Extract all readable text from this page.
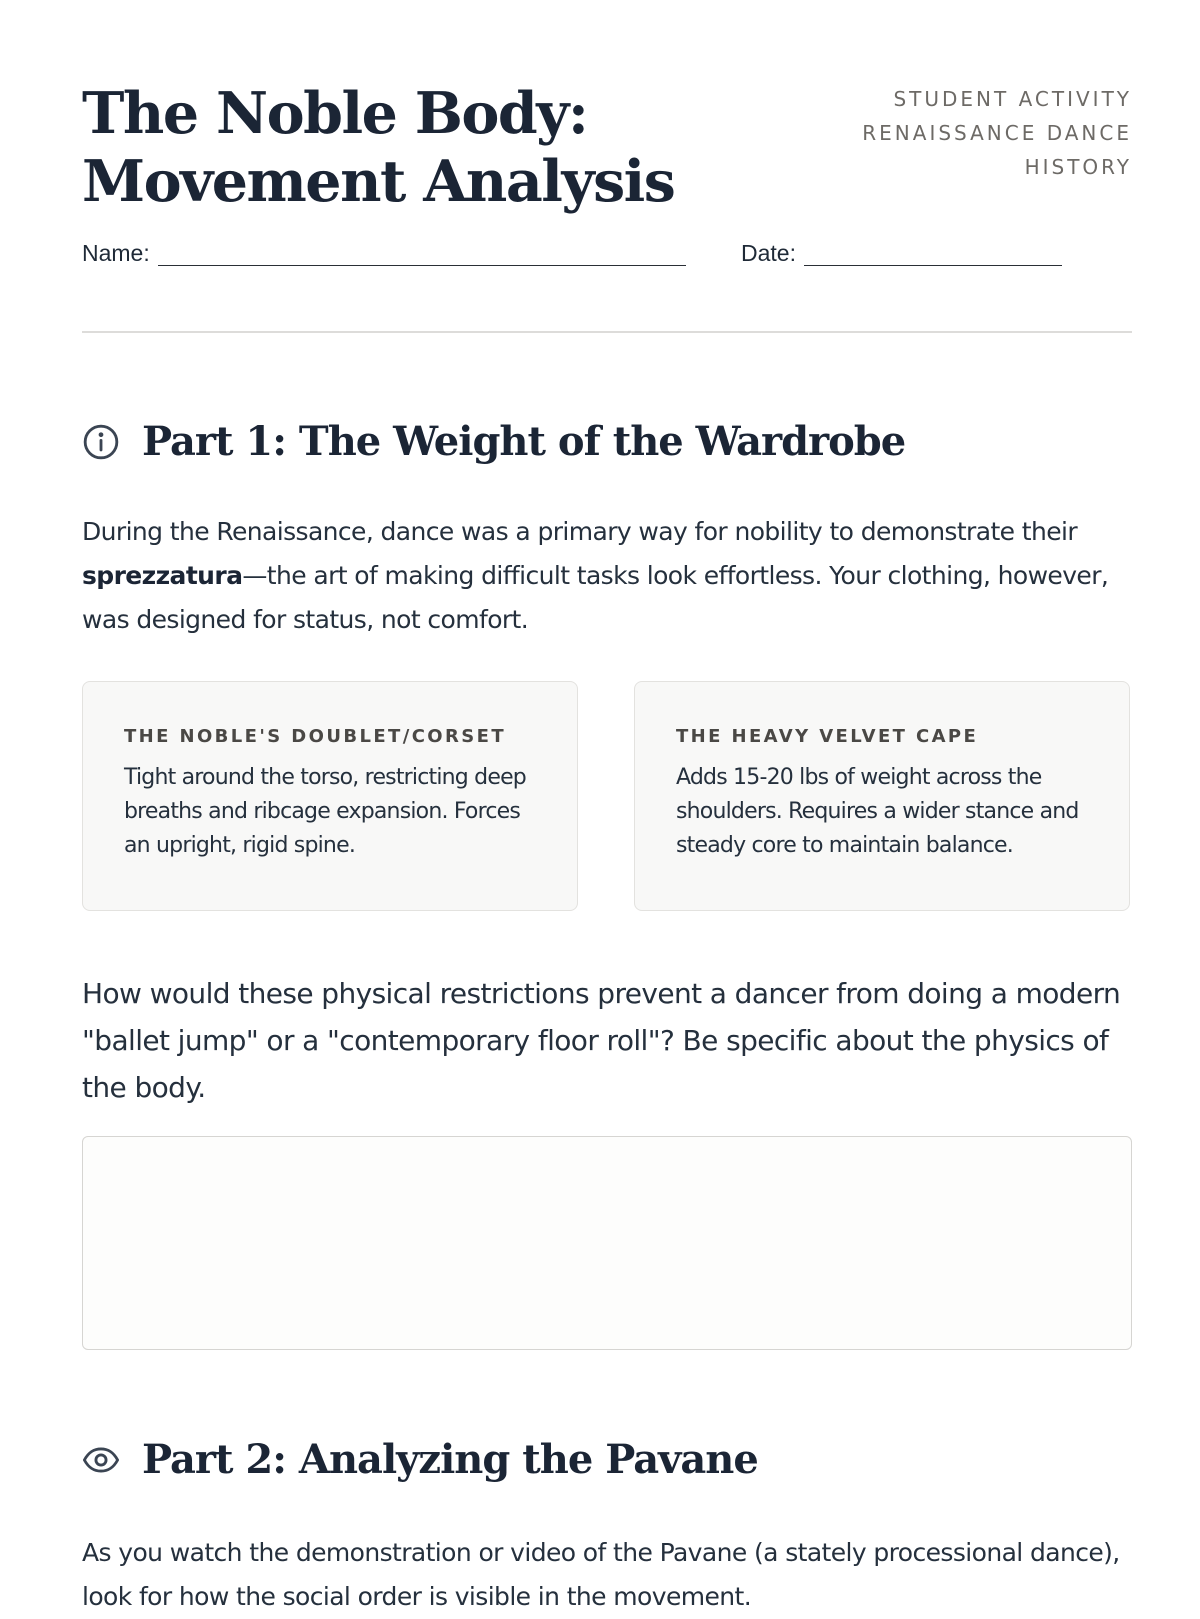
The Noble Body:
Movement Analysis
STUDENT ACTIVITY
RENAISSANCE DANCE
HISTORY
Name:	Date:
Part 1: The Weight of the Wardrobe

During the Renaissance, dance was a primary way for nobility to demonstrate their sprezzatura—the art of making difficult tasks look effortless. Your clothing, however, was designed for status, not comfort.

THE NOBLE'S DOUBLET/CORSET

Tight around the torso, restricting deep breaths and ribcage expansion. Forces an upright, rigid spine.

THE HEAVY VELVET CAPE

Adds 15-20 lbs of weight across the shoulders. Requires a wider stance and steady core to maintain balance.

How would these physical restrictions prevent a dancer from doing a modern "ballet jump" or a "contemporary floor roll"? Be specific about the physics of the body.

Part 2: Analyzing the Pavane

As you watch the demonstration or video of the Pavane (a stately processional dance), look for how the social order is visible in the movement.
